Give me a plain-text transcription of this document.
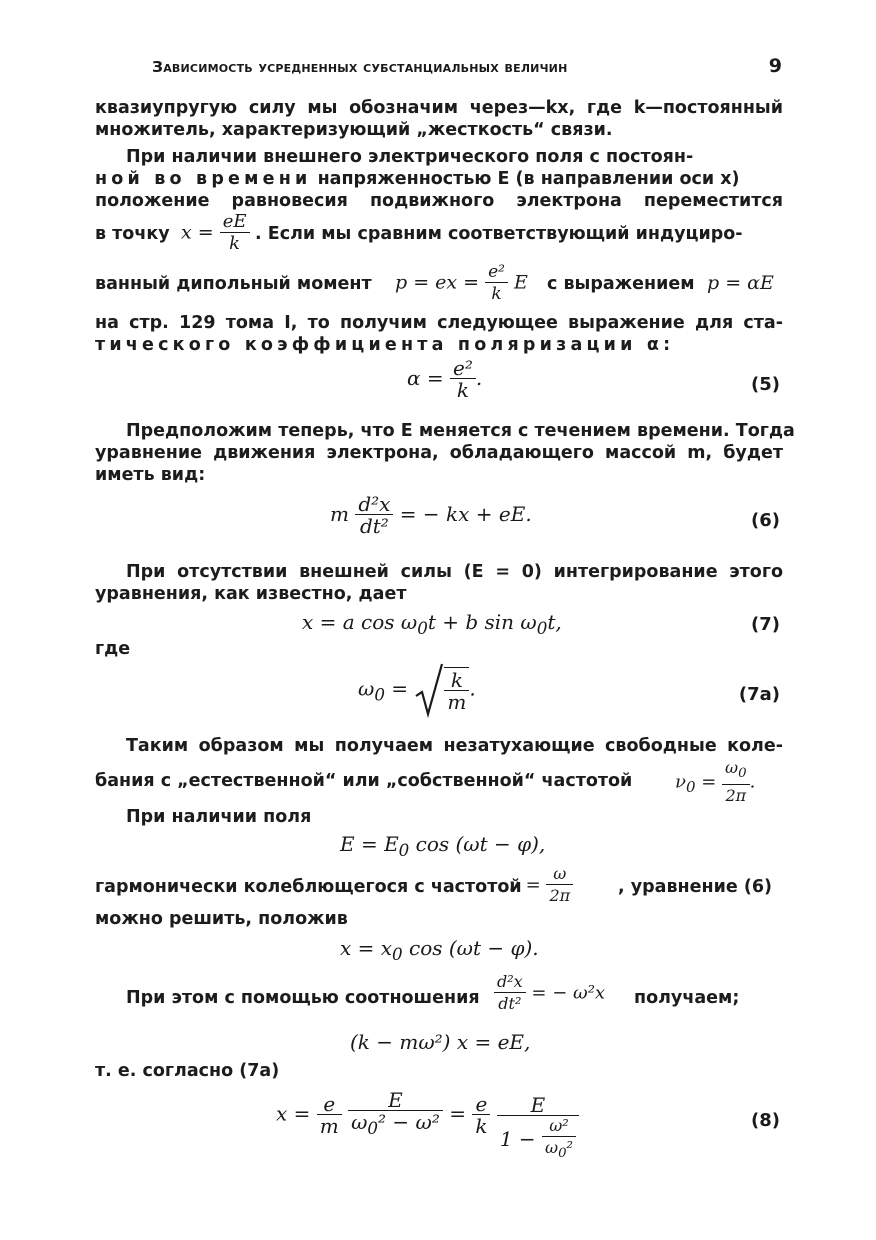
Зависимость усредненных субстанциальных величин	9
квазиупругую силу мы обозначим через—kx, где k—постоянный
множитель, характеризующий „жесткость“ связи.
При наличии внешнего электрического поля с постоян-
ной во времени напряженностью E (в направлении оси x)
положение равновесия подвижного электрона переместится
в точку $x = \frac{eE}{k}$ . Если мы сравним соответствующий индуциро-
ванный дипольный момент p = ex = $\frac{\text{e²}}{k}$ E с выражением p = αE
на стр. 129 тома I, то получим следующее выражение для ста-
тического коэффициента поляризации α:
$\alpha = \frac{\text{e²}}{k}$ .	(5)
Предположим теперь, что E меняется с течением времени. Тогда
уравнение движения электрона, обладающего массой m, будет
иметь вид:
m $\frac{\text{d²x}}{\text{dt²}}$ = − kx + eE.	(6)
При отсутствии внешней силы (E = 0) интегрирование этого
уравнения, как известно, дает
x = a $\cos \omega_0t + b$ $\sin \omega_0t$,	(7)
где
$\omega_0 = \frac{k}{m}$ .	(7а)
Таким образом мы получаем незатухающие свободные коле-
бания с „естественной“ или „собственной“ частотой $\nu_0 = \frac{\omega_0}{2\pi}$ .
При наличии поля
$E = E_0$ cos (ωt − φ),
гармонически колеблющегося с частотой
$\nu = \frac{\omega}{2\pi}$	, уравнение (6)
можно решить, положив
$x = x_0$ cos (ωt − φ).
При этом с помощью соотношения $\frac{\text{d²x}}{\text{dt²}}$ = − ω²x получаем;
(k − mω²) x = eE,
т. е. согласно (7а)
$x = \frac{e}{m}$
$\frac{E}{\omega_0^2 - \omega^2} = \frac{e}{k}$
$\frac{E}{1 - \frac{\text{ω²}}{\omega_0^2}}$	(8)
